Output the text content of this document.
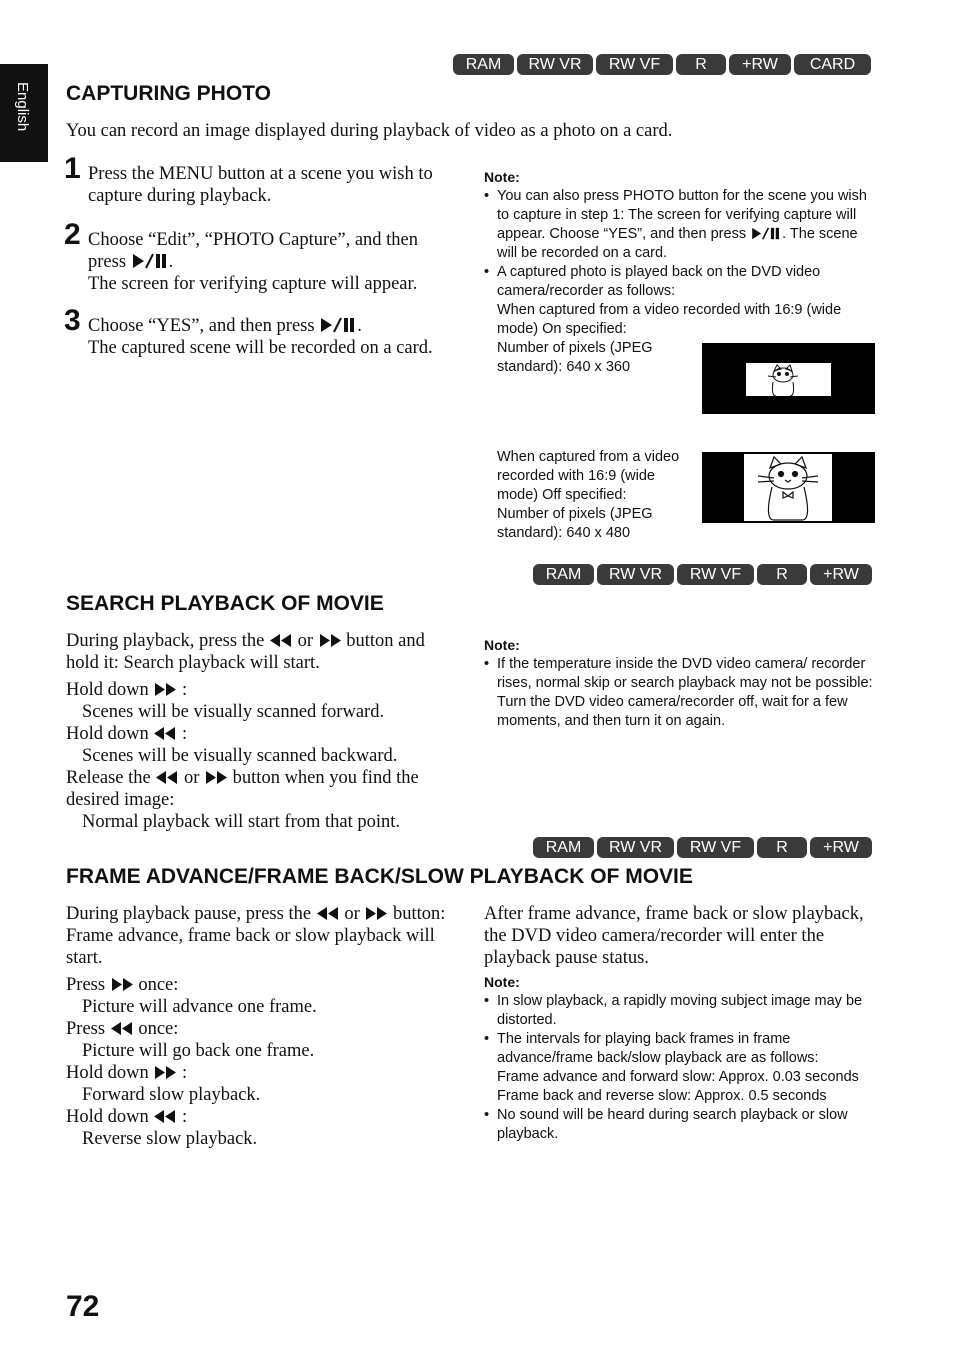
English
RAM	RW VR	RW VF	R	+RW	CARD
CAPTURING PHOTO
You can record an image displayed during playback of video as a photo on a card.
1 Press the MENU button at a scene you wish to capture during playback.
2 Choose “Edit”, “PHOTO Capture”, and then press .
The screen for verifying capture will appear.
3 Choose “YES”, and then press .
The captured scene will be recorded on a card.
Note:
• You can also press PHOTO button for the scene you wish to capture in step 1: The screen for verifying capture will appear. Choose “YES”, and then press . The scene will be recorded on a card.
• A captured photo is played back on the DVD video camera/recorder as follows:
When captured from a video recorded with 16:9 (wide mode) On specified:
Number of pixels (JPEG standard): 640 x 360
When captured from a video recorded with 16:9 (wide mode) Off specified:
Number of pixels (JPEG standard): 640 x 480
RAM	RW VR	RW VF	R	+RW
SEARCH PLAYBACK OF MOVIE
During playback, press the or button and hold it: Search playback will start.
Hold down :
Scenes will be visually scanned forward.
Hold down :
Scenes will be visually scanned backward.
Release the or button when you find the desired image:
Normal playback will start from that point.
Note:
• If the temperature inside the DVD video camera/ recorder rises, normal skip or search playback may not be possible: Turn the DVD video camera/recorder off, wait for a few moments, and then turn it on again.
RAM	RW VR	RW VF	R	+RW
FRAME ADVANCE/FRAME BACK/SLOW PLAYBACK OF MOVIE
During playback pause, press the or button: Frame advance, frame back or slow playback will start.
Press once:
Picture will advance one frame.
Press once:
Picture will go back one frame.
Hold down :
Forward slow playback.
Hold down :
Reverse slow playback.
After frame advance, frame back or slow playback, the DVD video camera/recorder will enter the playback pause status.
Note:
• In slow playback, a rapidly moving subject image may be distorted.
• The intervals for playing back frames in frame advance/frame back/slow playback are as follows:
Frame advance and forward slow: Approx. 0.03 seconds
Frame back and reverse slow: Approx. 0.5 seconds
• No sound will be heard during search playback or slow playback.
72
